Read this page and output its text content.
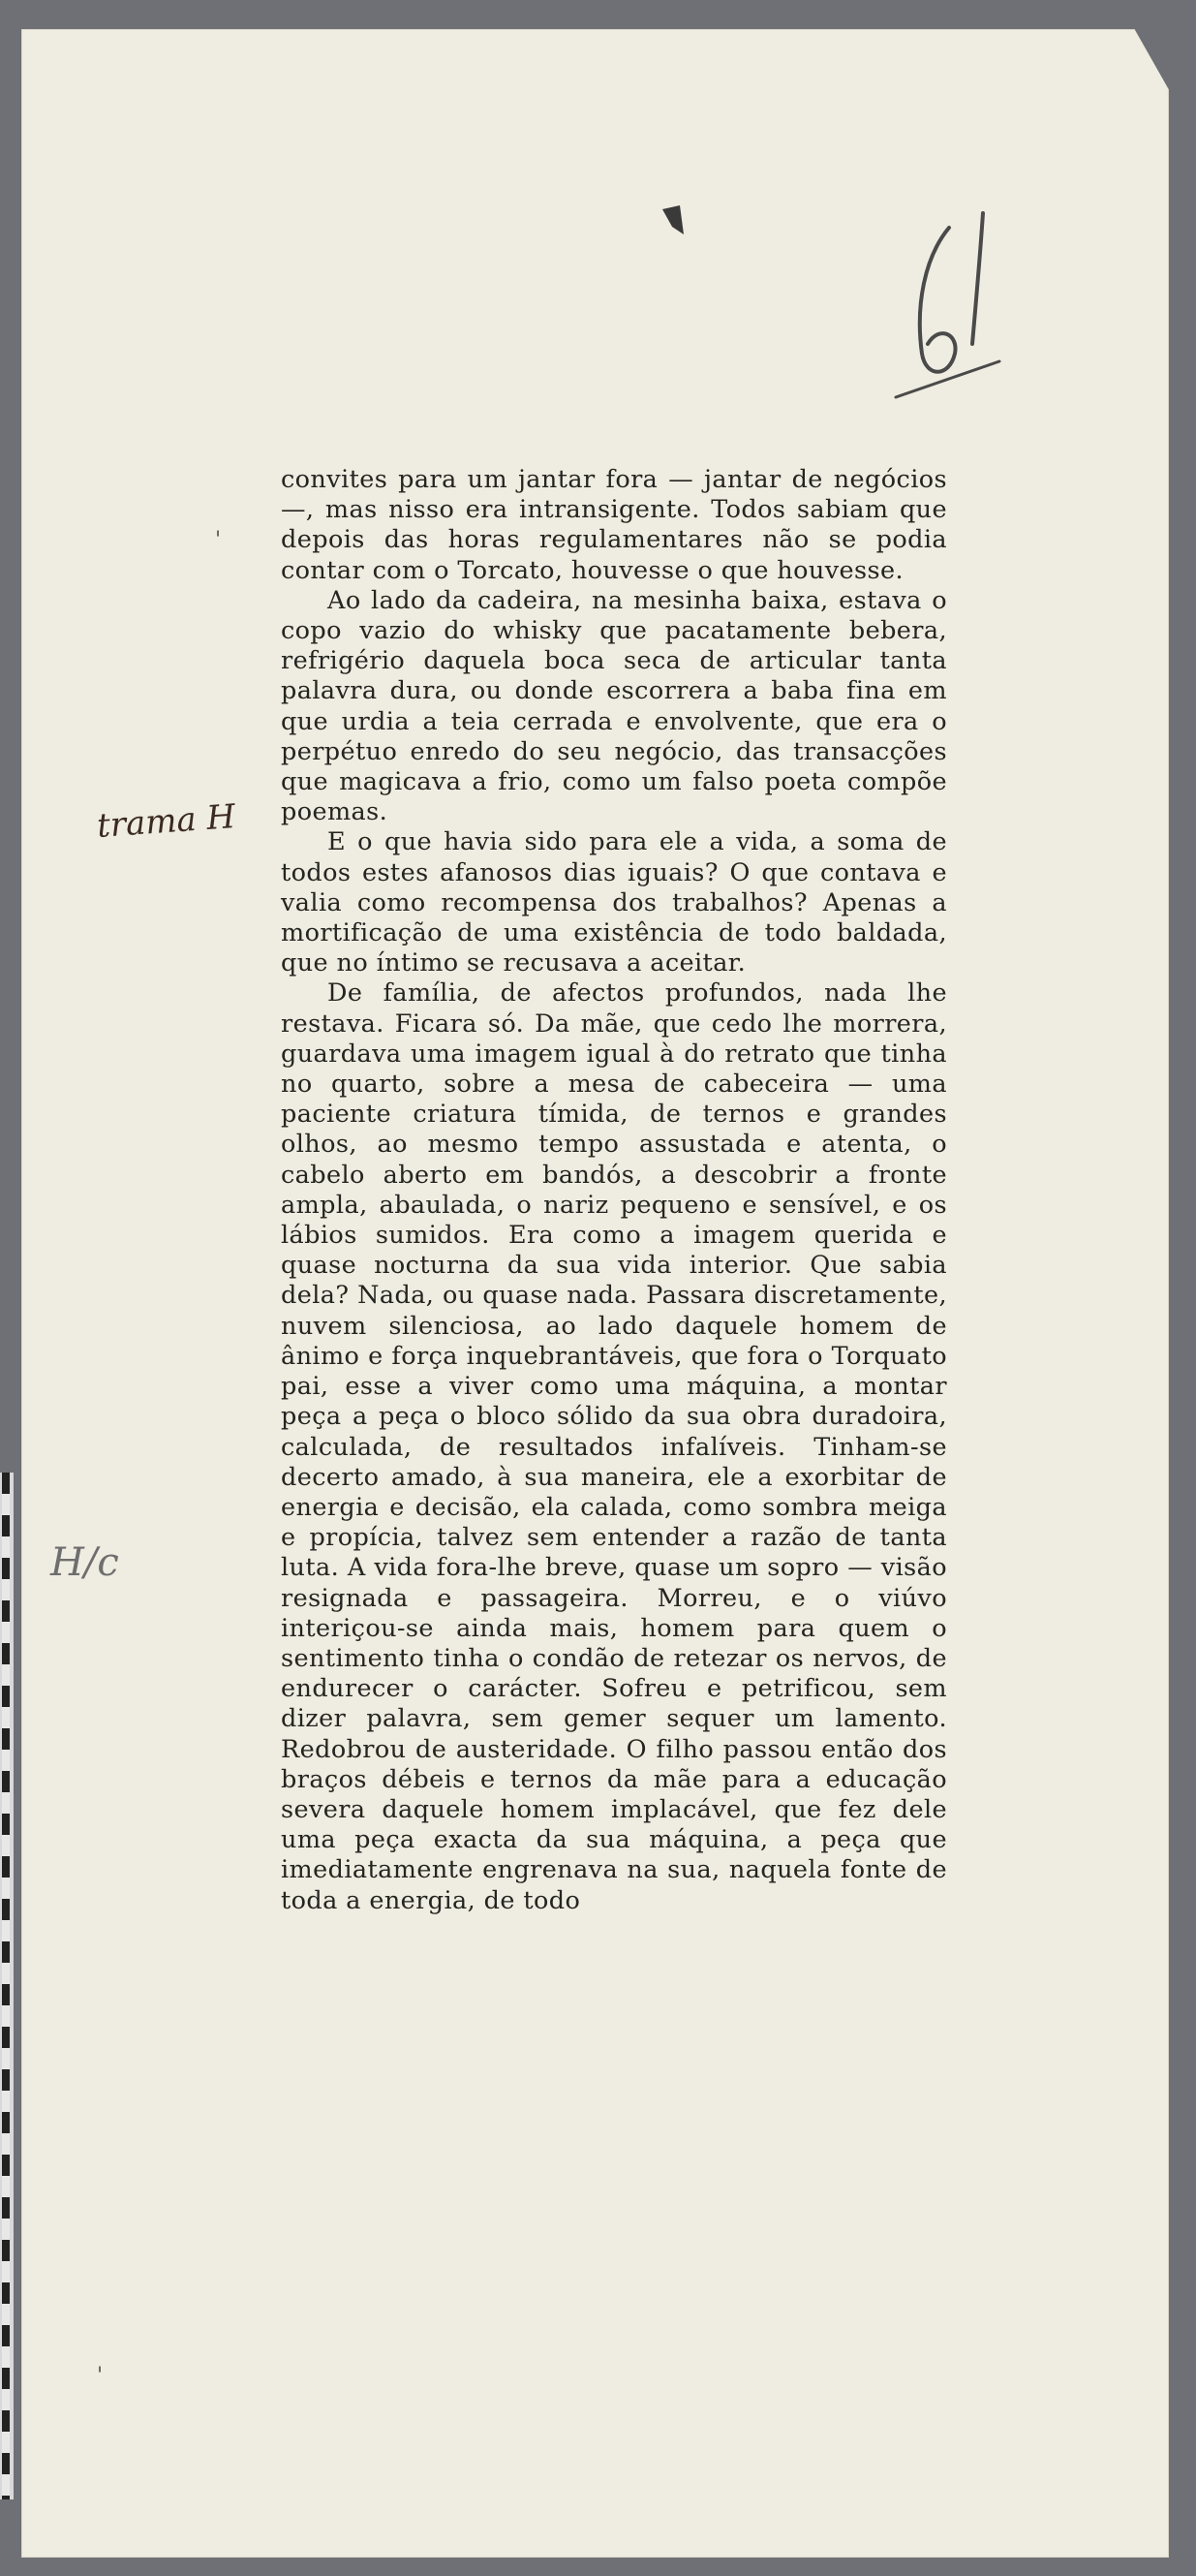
61
'
trama H
H/c
'

convites para um jantar fora — jantar de negócios —, mas nisso era intransigente. Todos sabiam que depois das horas regulamentares não se podia contar com o Torcato, houvesse o que houvesse.

Ao lado da cadeira, na mesinha baixa, estava o copo vazio do whisky que pacatamente bebera, refrigério daquela boca seca de articular tanta palavra dura, ou donde escorrera a baba fina em que urdia a teia cerrada e envolvente, que era o perpétuo enredo do seu negócio, das transacções que magicava a frio, como um falso poeta compõe poemas.

E o que havia sido para ele a vida, a soma de todos estes afanosos dias iguais? O que contava e valia como recompensa dos trabalhos? Apenas a mortificação de uma existência de todo baldada, que no íntimo se recusava a aceitar.

De família, de afectos profundos, nada lhe restava. Ficara só. Da mãe, que cedo lhe morrera, guardava uma imagem igual à do retrato que tinha no quarto, sobre a mesa de cabeceira — uma paciente criatura tímida, de ternos e grandes olhos, ao mesmo tempo assustada e atenta, o cabelo aberto em bandós, a descobrir a fronte ampla, abaulada, o nariz pequeno e sensível, e os lábios sumidos. Era como a imagem querida e quase nocturna da sua vida interior. Que sabia dela? Nada, ou quase nada. Passara discretamente, nuvem silenciosa, ao lado daquele homem de ânimo e força inquebrantáveis, que fora o Torquato pai, esse a viver como uma máquina, a montar peça a peça o bloco sólido da sua obra duradoira, calculada, de resultados infalíveis. Tinham-se decerto amado, à sua maneira, ele a exorbitar de energia e decisão, ela calada, como sombra meiga e propícia, talvez sem entender a razão de tanta luta. A vida fora-lhe breve, quase um sopro — visão resignada e passageira. Morreu, e o viúvo interiçou-se ainda mais, homem para quem o sentimento tinha o condão de retezar os nervos, de endurecer o carácter. Sofreu e petrificou, sem dizer palavra, sem gemer sequer um lamento. Redobrou de austeridade. O filho passou então dos braços débeis e ternos da mãe para a educação severa daquele homem implacável, que fez dele uma peça exacta da sua máquina, a peça que imediatamente engrenava na sua, naquela fonte de toda a energia, de todo
